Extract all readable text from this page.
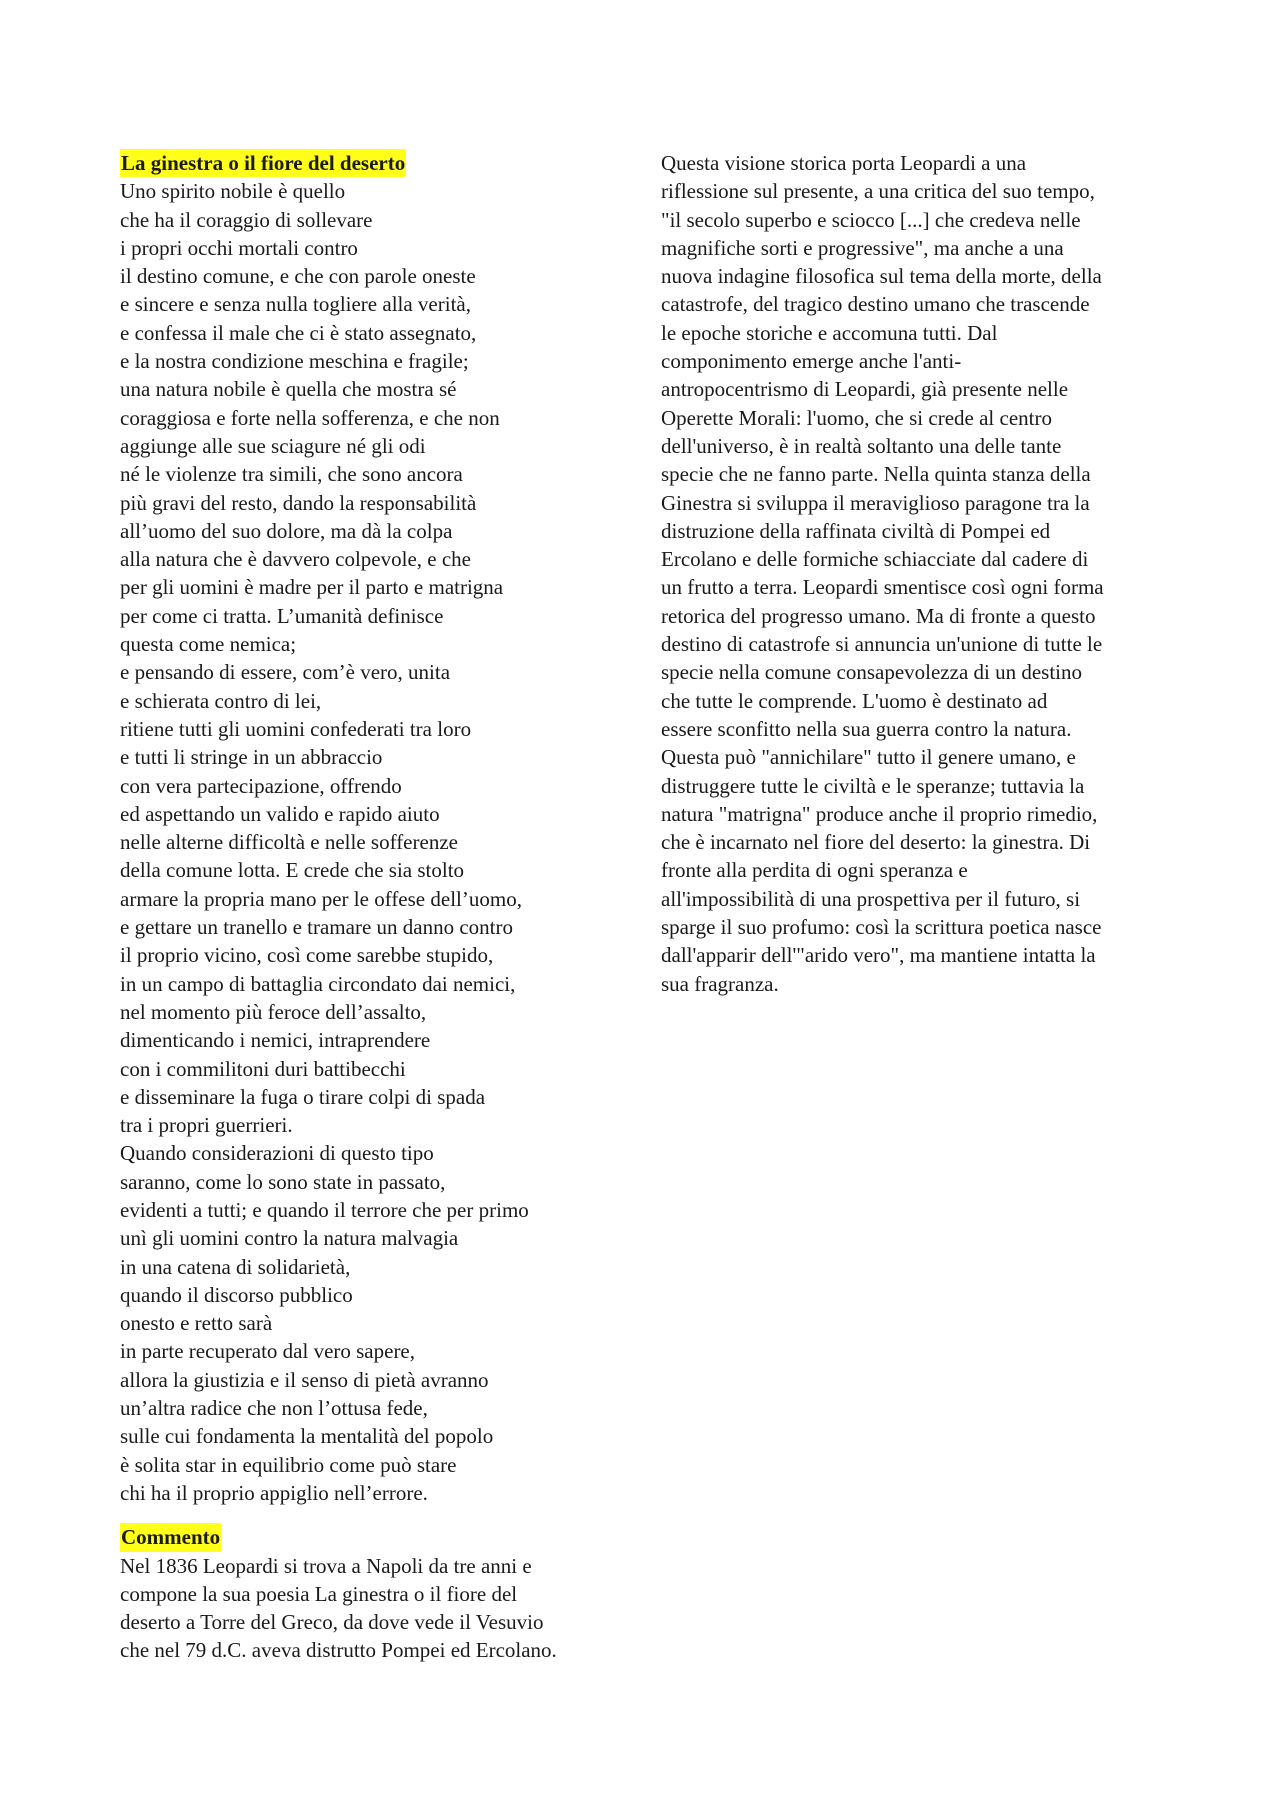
La ginestra o il fiore del deserto
Uno spirito nobile è quello
che ha il coraggio di sollevare
i propri occhi mortali contro
il destino comune, e che con parole oneste
e sincere e senza nulla togliere alla verità,
e confessa il male che ci è stato assegnato,
e la nostra condizione meschina e fragile;
una natura nobile è quella che mostra sé
coraggiosa e forte nella sofferenza, e che non
aggiunge alle sue sciagure né gli odi
né le violenze tra simili, che sono ancora
più gravi del resto, dando la responsabilità
all’uomo del suo dolore, ma dà la colpa
alla natura che è davvero colpevole, e che
per gli uomini è madre per il parto e matrigna
per come ci tratta. L’umanità definisce
questa come nemica;
e pensando di essere, com’è vero, unita
e schierata contro di lei,
ritiene tutti gli uomini confederati tra loro
e tutti li stringe in un abbraccio
con vera partecipazione, offrendo
ed aspettando un valido e rapido aiuto
nelle alterne difficoltà e nelle sofferenze
della comune lotta. E crede che sia stolto
armare la propria mano per le offese dell’uomo,
e gettare un tranello e tramare un danno contro
il proprio vicino, così come sarebbe stupido,
in un campo di battaglia circondato dai nemici,
nel momento più feroce dell’assalto,
dimenticando i nemici, intraprendere
con i commilitoni duri battibecchi
e disseminare la fuga o tirare colpi di spada
tra i propri guerrieri.
Quando considerazioni di questo tipo
saranno, come lo sono state in passato,
evidenti a tutti; e quando il terrore che per primo
unì gli uomini contro la natura malvagia
in una catena di solidarietà,
quando il discorso pubblico
onesto e retto sarà
in parte recuperato dal vero sapere,
allora la giustizia e il senso di pietà avranno
un’altra radice che non l’ottusa fede,
sulle cui fondamenta la mentalità del popolo
è solita star in equilibrio come può stare
chi ha il proprio appiglio nell’errore.
Commento
Nel 1836 Leopardi si trova a Napoli da tre anni e
compone la sua poesia La ginestra o il fiore del
deserto a Torre del Greco, da dove vede il Vesuvio
che nel 79 d.C. aveva distrutto Pompei ed Ercolano.
Questa visione storica porta Leopardi a una
riflessione sul presente, a una critica del suo tempo,
"il secolo superbo e sciocco [...] che credeva nelle
magnifiche sorti e progressive", ma anche a una
nuova indagine filosofica sul tema della morte, della
catastrofe, del tragico destino umano che trascende
le epoche storiche e accomuna tutti. Dal
componimento emerge anche l'anti-
antropocentrismo di Leopardi, già presente nelle
Operette Morali: l'uomo, che si crede al centro
dell'universo, è in realtà soltanto una delle tante
specie che ne fanno parte. Nella quinta stanza della
Ginestra si sviluppa il meraviglioso paragone tra la
distruzione della raffinata civiltà di Pompei ed
Ercolano e delle formiche schiacciate dal cadere di
un frutto a terra. Leopardi smentisce così ogni forma
retorica del progresso umano. Ma di fronte a questo
destino di catastrofe si annuncia un'unione di tutte le
specie nella comune consapevolezza di un destino
che tutte le comprende. L'uomo è destinato ad
essere sconfitto nella sua guerra contro la natura.
Questa può "annichilare" tutto il genere umano, e
distruggere tutte le civiltà e le speranze; tuttavia la
natura "matrigna" produce anche il proprio rimedio,
che è incarnato nel fiore del deserto: la ginestra. Di
fronte alla perdita di ogni speranza e
all'impossibilità di una prospettiva per il futuro, si
sparge il suo profumo: così la scrittura poetica nasce
dall'apparir dell'"arido vero", ma mantiene intatta la
sua fragranza.
